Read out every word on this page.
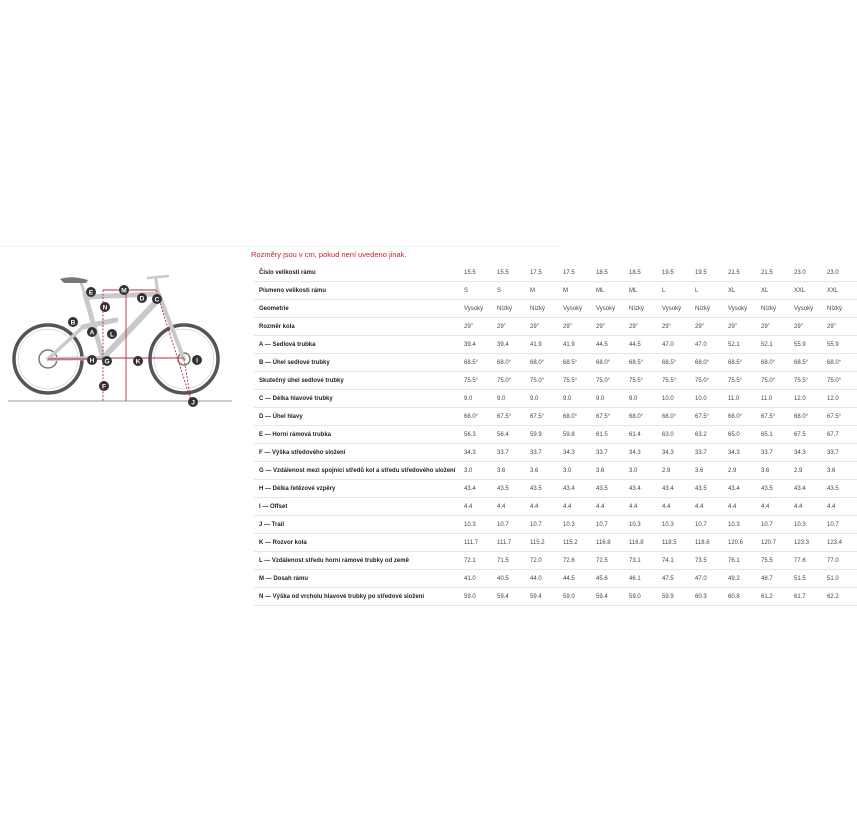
A
B
C
D
E
F
G
H	I
J
K
L
M
N
Rozměry jsou v cm, pokud není uvedeno jinak.
Číslo velikosti rámu	15.5	15.5	17.5	17.5	18.5	18.5	19.5	19.5	21.5	21.5	23.0	23.0
Písmeno velikosti rámu	S	S	M	M	ML	ML	L	L	XL	XL	XXL	XXL
Geometrie	Vysoký	Nízký	Nízký	Vysoký	Vysoký	Nízký	Vysoký	Nízký	Vysoký	Nízký	Vysoký	Nízký
Rozměr kola	29"	29"	29"	29"	29"	29"	29"	29"	29"	29"	29"	29"
A — Sedlová trubka	39.4	39.4	41.9	41.9	44.5	44.5	47.0	47.0	52.1	52.1	55.9	55.9
B — Úhel sedlové trubky	68.5°	68.0°	68.0°	68.5°	68.0°	68.5°	68.5°	68.0°	68.5°	68.0°	68.5°	68.0°
Skutečný úhel sedlové trubky	75.5°	75.0°	75.0°	75.5°	75.0°	75.5°	75.5°	75.0°	75.5°	75.0°	75.5°	75.0°
C — Délka hlavové trubky	9.0	9.0	9.0	9.0	9.0	9.0	10.0	10.0	11.0	11.0	12.0	12.0
D — Úhel hlavy	68.0°	67.5°	67.5°	68.0°	67.5°	68.0°	68.0°	67.5°	68.0°	67.5°	68.0°	67.5°
E — Horní rámová trubka	56.3	56.4	59.9	59.8	61.5	61.4	63.0	63.2	65.0	65.1	67.5	67.7
F — Výška středového složení	34.3	33.7	33.7	34.3	33.7	34.3	34.3	33.7	34.3	33.7	34.3	33.7
G — Vzdálenost mezi spojnicí středů kol a středu středového složení	3.0	3.6	3.6	3.0	3.6	3.0	2.9	3.6	2.9	3.6	2.9	3.6
H — Délka řetězové vzpěry	43.4	43.5	43.5	43.4	43.5	43.4	43.4	43.5	43.4	43.5	43.4	43.5
I — Offset	4.4	4.4	4.4	4.4	4.4	4.4	4.4	4.4	4.4	4.4	4.4	4.4
J — Trail	10.3	10.7	10.7	10.3	10.7	10.3	10.3	10.7	10.3	10.7	10.3	10.7
K — Rozvor kola	111.7	111.7	115.2	115.2	116.8	116.8	118.5	118.6	120.6	120.7	123.3	123.4
L — Vzdálenost středu horní rámové trubky od země	72.1	71.5	72.0	72.6	72.5	73.1	74.1	73.5	76.1	75.5	77.6	77.0
M — Dosah rámu	41.0	40.5	44.0	44.5	45.6	46.1	47.5	47.0	49.2	48.7	51.5	51.0
N — Výška od vrcholu hlavové trubky po středové složení	59.0	59.4	59.4	59.0	59.4	59.0	59.9	60.3	60.8	61.2	61.7	62.2
